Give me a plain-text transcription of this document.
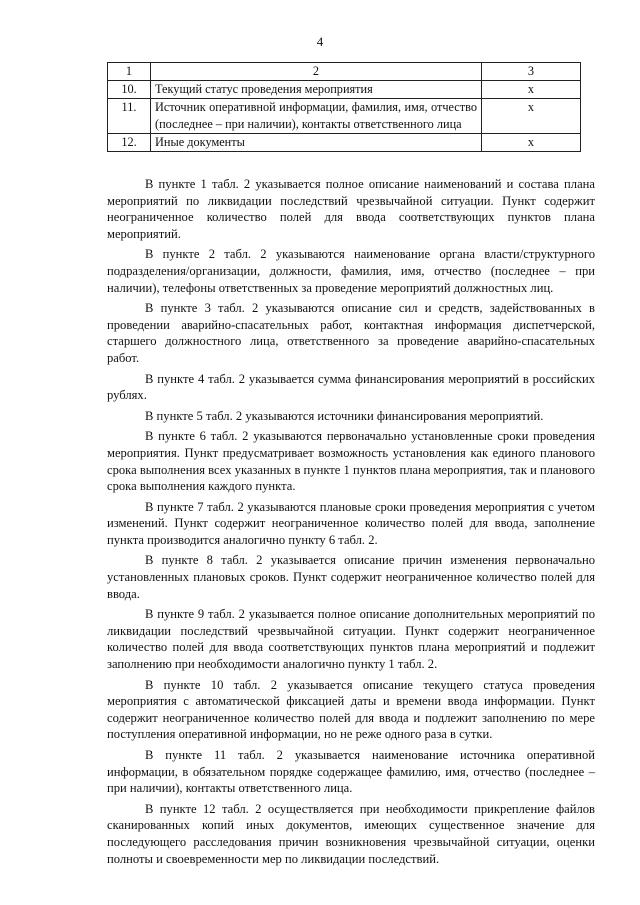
4
1	2	3
10.	Текущий статус проведения мероприятия	x
11.	Источник оперативной информации, фамилия, имя, отчество (последнее – при наличии), контакты ответственного лица	x
12.	Иные документы	x

В пункте 1 табл. 2 указывается полное описание наименований и состава плана мероприятий по ликвидации последствий чрезвычайной ситуации. Пункт содержит неограниченное количество полей для ввода соответствующих пунктов плана мероприятий.

В пункте 2 табл. 2 указываются наименование органа власти/структурного подразделения/организации, должности, фамилия, имя, отчество (последнее – при наличии), телефоны ответственных за проведение мероприятий должностных лиц.

В пункте 3 табл. 2 указываются описание сил и средств, задействованных в проведении аварийно-спасательных работ, контактная информация диспетчерской, старшего должностного лица, ответственного за проведение аварийно-спасательных работ.

В пункте 4 табл. 2 указывается сумма финансирования мероприятий в российских рублях.

В пункте 5 табл. 2 указываются источники финансирования мероприятий.

В пункте 6 табл. 2 указываются первоначально установленные сроки проведения мероприятия. Пункт предусматривает возможность установления как единого планового срока выполнения всех указанных в пункте 1 пунктов плана мероприятия, так и планового срока выполнения каждого пункта.

В пункте 7 табл. 2 указываются плановые сроки проведения мероприятия с учетом изменений. Пункт содержит неограниченное количество полей для ввода, заполнение пункта производится аналогично пункту 6 табл. 2.

В пункте 8 табл. 2 указывается описание причин изменения первоначально установленных плановых сроков. Пункт содержит неограниченное количество полей для ввода.

В пункте 9 табл. 2 указывается полное описание дополнительных мероприятий по ликвидации последствий чрезвычайной ситуации. Пункт содержит неограниченное количество полей для ввода соответствующих пунктов плана мероприятий и подлежит заполнению при необходимости аналогично пункту 1 табл. 2.

В пункте 10 табл. 2 указывается описание текущего статуса проведения мероприятия с автоматической фиксацией даты и времени ввода информации. Пункт содержит неограниченное количество полей для ввода и подлежит заполнению по мере поступления оперативной информации, но не реже одного раза в сутки.

В пункте 11 табл. 2 указывается наименование источника оперативной информации, в обязательном порядке содержащее фамилию, имя, отчество (последнее – при наличии), контакты ответственного лица.

В пункте 12 табл. 2 осуществляется при необходимости прикрепление файлов сканированных копий иных документов, имеющих существенное значение для последующего расследования причин возникновения чрезвычайной ситуации, оценки полноты и своевременности мер по ликвидации последствий.
